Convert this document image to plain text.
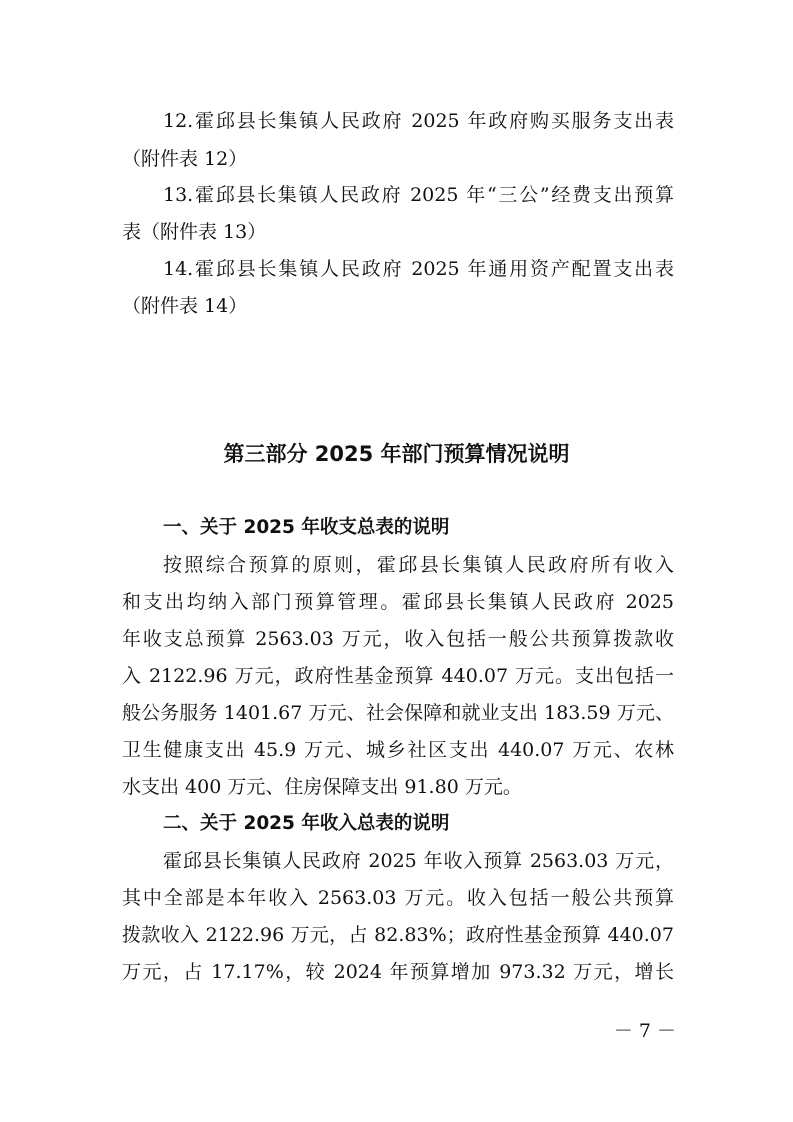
12.霍邱县长集镇人民政府 2025 年政府购买服务支出表
（附件表 12）
13.霍邱县长集镇人民政府 2025 年“三公”经费支出预算
表（附件表 13）
14.霍邱县长集镇人民政府 2025 年通用资产配置支出表
（附件表 14）
第三部分 2025 年部门预算情况说明
一、关于 2025 年收支总表的说明
按照综合预算的原则，霍邱县长集镇人民政府所有收入
和支出均纳入部门预算管理。霍邱县长集镇人民政府 2025
年收支总预算 2563.03 万元，收入包括一般公共预算拨款收
入 2122.96 万元，政府性基金预算 440.07 万元。支出包括一
般公务服务 1401.67 万元、社会保障和就业支出 183.59 万元、
卫生健康支出 45.9 万元、城乡社区支出 440.07 万元、农林
水支出 400 万元、住房保障支出 91.80 万元。
二、关于 2025 年收入总表的说明
霍邱县长集镇人民政府 2025 年收入预算 2563.03 万元，
其中全部是本年收入 2563.03 万元。收入包括一般公共预算
拨款收入 2122.96 万元，占 82.83%；政府性基金预算 440.07
万元，占 17.17%，较 2024 年预算增加 973.32 万元，增长
－ 7 －
